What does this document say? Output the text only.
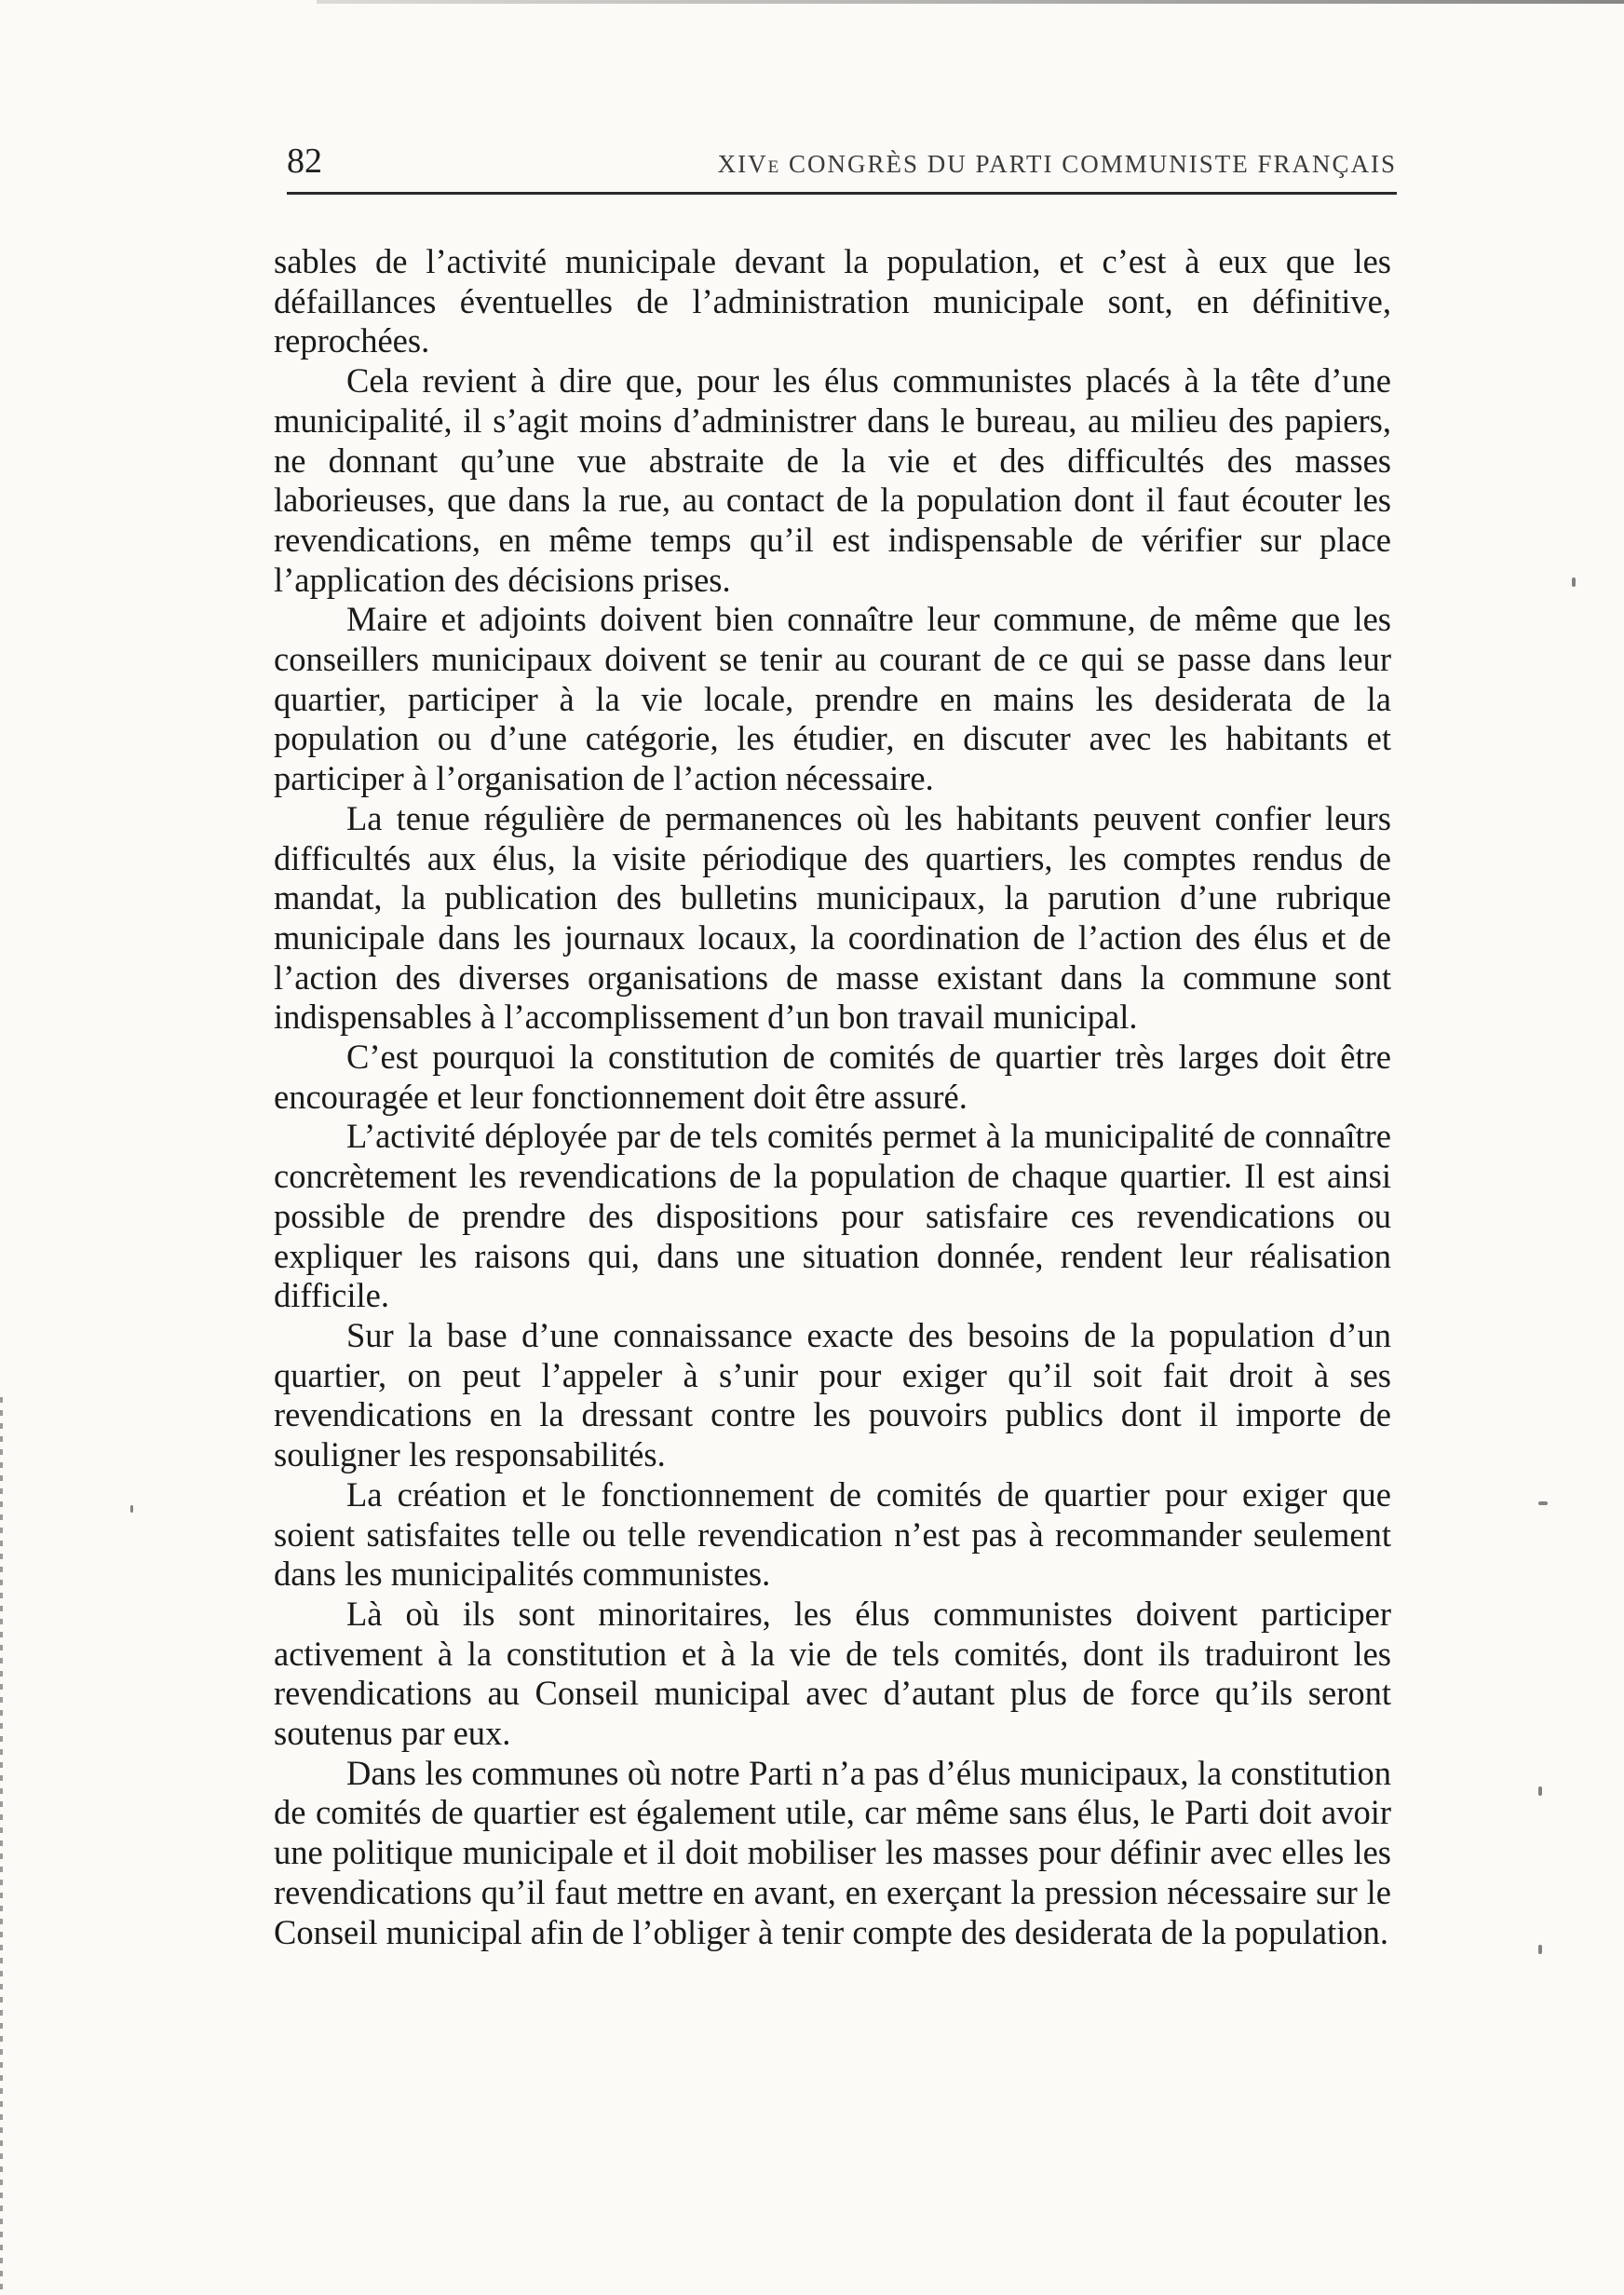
82	XIVe CONGRÈS DU PARTI COMMUNISTE FRANÇAIS

sables de l’activité municipale devant la population, et c’est à eux que les défaillances éventuelles de l’administration municipale sont, en définitive, reprochées.

Cela revient à dire que, pour les élus communistes placés à la tête d’une municipalité, il s’agit moins d’administrer dans le bureau, au milieu des papiers, ne donnant qu’une vue abstraite de la vie et des difficultés des masses laborieuses, que dans la rue, au contact de la population dont il faut écouter les revendications, en même temps qu’il est indispensable de vérifier sur place l’application des décisions prises.

Maire et adjoints doivent bien connaître leur commune, de même que les conseillers municipaux doivent se tenir au courant de ce qui se passe dans leur quartier, participer à la vie locale, prendre en mains les desiderata de la population ou d’une catégorie, les étudier, en discuter avec les habitants et participer à l’organisation de l’action nécessaire.

La tenue régulière de permanences où les habitants peuvent confier leurs difficultés aux élus, la visite périodique des quartiers, les comptes rendus de mandat, la publication des bulletins municipaux, la parution d’une rubrique municipale dans les journaux locaux, la coordination de l’action des élus et de l’action des diverses organisations de masse existant dans la commune sont indispensables à l’accomplissement d’un bon travail municipal.

C’est pourquoi la constitution de comités de quartier très larges doit être encouragée et leur fonctionnement doit être assuré.

L’activité déployée par de tels comités permet à la municipalité de connaître concrètement les revendications de la population de chaque quartier. Il est ainsi possible de prendre des dispositions pour satisfaire ces revendications ou expliquer les raisons qui, dans une situation donnée, rendent leur réalisation difficile.

Sur la base d’une connaissance exacte des besoins de la population d’un quartier, on peut l’appeler à s’unir pour exiger qu’il soit fait droit à ses revendications en la dressant contre les pouvoirs publics dont il importe de souligner les responsabilités.

La création et le fonctionnement de comités de quartier pour exiger que soient satisfaites telle ou telle revendication n’est pas à recommander seulement dans les municipalités communistes.

Là où ils sont minoritaires, les élus communistes doivent participer activement à la constitution et à la vie de tels comités, dont ils traduiront les revendications au Conseil municipal avec d’autant plus de force qu’ils seront soutenus par eux.

Dans les communes où notre Parti n’a pas d’élus municipaux, la constitution de comités de quartier est également utile, car même sans élus, le Parti doit avoir une politique municipale et il doit mobiliser les masses pour définir avec elles les revendications qu’il faut mettre en avant, en exerçant la pression nécessaire sur le Conseil municipal afin de l’obliger à tenir compte des desiderata de la population.
